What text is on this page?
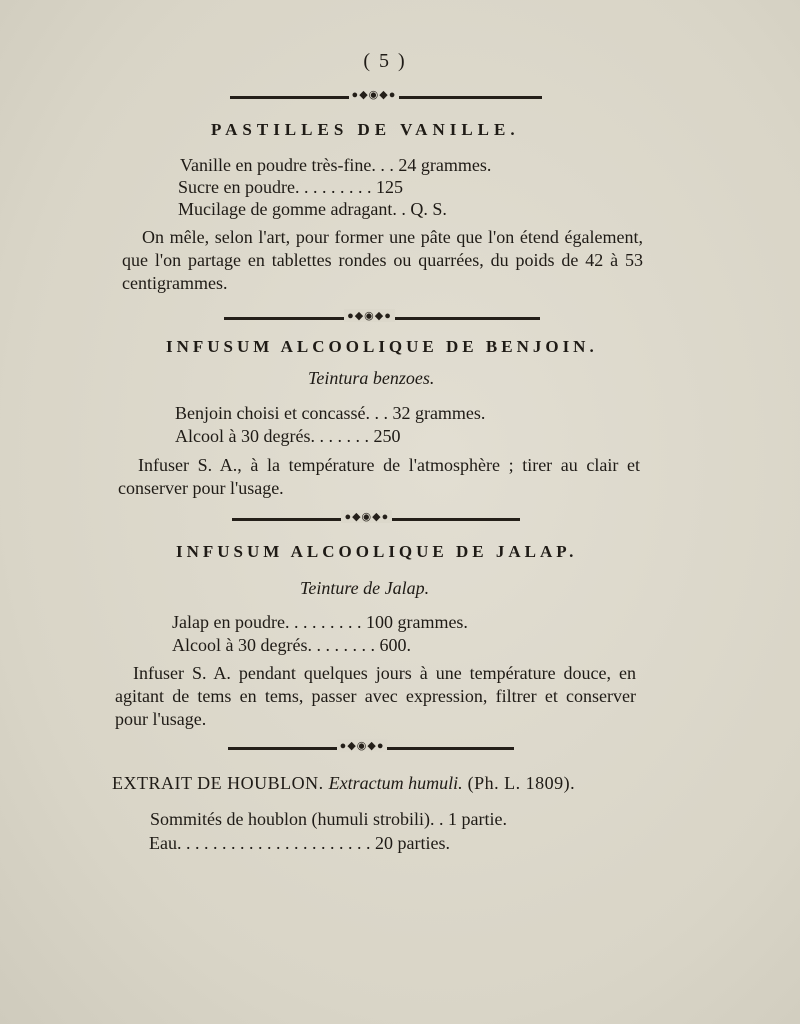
( 5 )
●◆◉◆●
PASTILLES DE VANILLE.
Vanille en poudre très-fine. . . 24 grammes.
Sucre en poudre. . . . . . . . . 125
Mucilage de gomme adragant. . Q. S.
On mêle, selon l'art, pour former une pâte que l'on étend également, que l'on partage en tablettes rondes ou quarrées, du poids de 42 à 53 centigrammes.
●◆◉◆●
INFUSUM ALCOOLIQUE DE BENJOIN.
Teintura benzoes.
Benjoin choisi et concassé. . . 32 grammes.
Alcool à 30 degrés. . . . . . . 250
Infuser S. A., à la température de l'atmosphère ; tirer au clair et conserver pour l'usage.
●◆◉◆●
INFUSUM ALCOOLIQUE DE JALAP.
Teinture de Jalap.
Jalap en poudre. . . . . . . . . 100 grammes.
Alcool à 30 degrés. . . . . . . . 600.
Infuser S. A. pendant quelques jours à une température douce, en agitant de tems en tems, passer avec expression, filtrer et conserver pour l'usage.
●◆◉◆●
EXTRAIT DE HOUBLON. Extractum humuli. (Ph. L. 1809).
Sommités de houblon (humuli strobili). . 1 partie.
Eau. . . . . . . . . . . . . . . . . . . . . . 20 parties.
